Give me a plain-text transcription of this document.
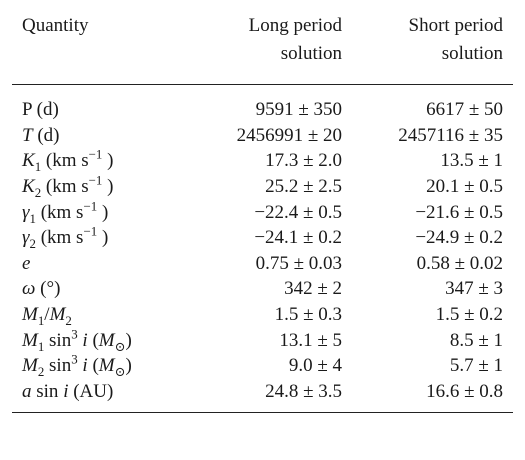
Quantity	Long period	Short period
	solution	solution
P (d)	9591 ± 350	6617 ± 50
T (d)	2456991 ± 20	2457116 ± 35
$K_1$ (km $s^{-1}$ )	17.3 ± 2.0	13.5 ± 1
$K_2$ (km $s^{-1}$ )	25.2 ± 2.5	20.1 ± 0.5
$\gamma_1$ (km $s^{-1}$ )	−22.4 ± 0.5	−21.6 ± 0.5
$\gamma_2$ (km $s^{-1}$ )	−24.1 ± 0.2	−24.9 ± 0.2
e	0.75 ± 0.03	0.58 ± 0.02
ω (°)	342 ± 2	347 ± 3
$M_1/M_2$	1.5 ± 0.3	1.5 ± 0.2
$M_1$ $\sin^3 i$ $(M_⊙)$	13.1 ± 5	8.5 ± 1
$M_2$ $\sin^3 i$ $(M_⊙)$	9.0 ± 4	5.7 ± 1
a sin i (AU)	24.8 ± 3.5	16.6 ± 0.8
